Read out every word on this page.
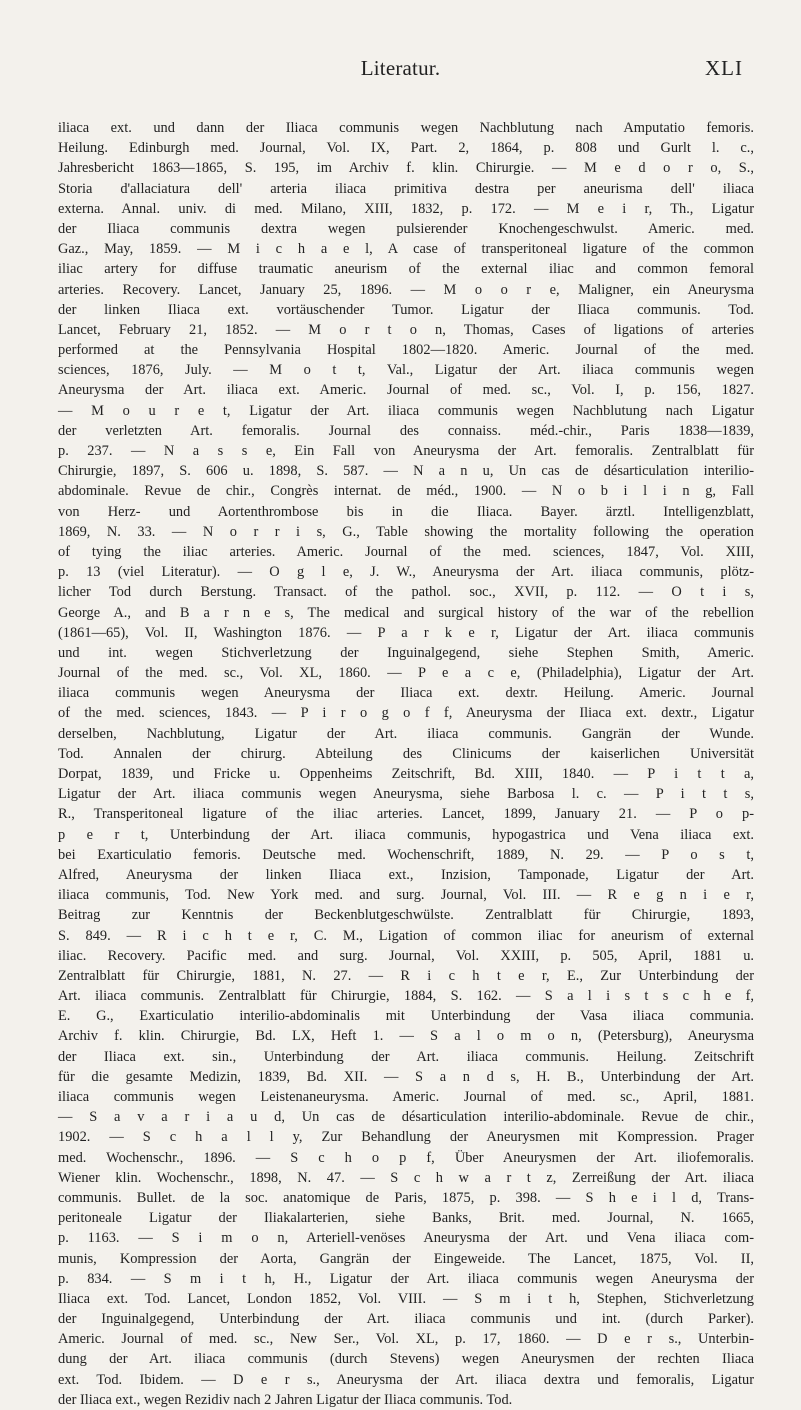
Literatur.	XLI
iliaca ext. und dann der Iliaca communis wegen Nachblutung nach Amputatio femoris.
Heilung. Edinburgh med. Journal, Vol. IX, Part. 2, 1864, p. 808 und Gurlt l. c.,
Jahresbericht 1863—1865, S. 195, im Archiv f. klin. Chirurgie. — M e d o r o, S.,
Storia d'allaciatura dell' arteria iliaca primitiva destra per aneurisma dell' iliaca
externa. Annal. univ. di med. Milano, XIII, 1832, p. 172. — M e i r, Th., Ligatur
der Iliaca communis dextra wegen pulsierender Knochengeschwulst. Americ. med.
Gaz., May, 1859. — M i c h a e l, A case of transperitoneal ligature of the common
iliac artery for diffuse traumatic aneurism of the external iliac and common femoral
arteries. Recovery. Lancet, January 25, 1896. — M o o r e, Maligner, ein Aneurysma
der linken Iliaca ext. vortäuschender Tumor. Ligatur der Iliaca communis. Tod.
Lancet, February 21, 1852. — M o r t o n, Thomas, Cases of ligations of arteries
performed at the Pennsylvania Hospital 1802—1820. Americ. Journal of the med.
sciences, 1876, July. — M o t t, Val., Ligatur der Art. iliaca communis wegen
Aneurysma der Art. iliaca ext. Americ. Journal of med. sc., Vol. I, p. 156, 1827.
— M o u r e t, Ligatur der Art. iliaca communis wegen Nachblutung nach Ligatur
der verletzten Art. femoralis. Journal des connaiss. méd.-chir., Paris 1838—1839,
p. 237. — N a s s e, Ein Fall von Aneurysma der Art. femoralis. Zentralblatt für
Chirurgie, 1897, S. 606 u. 1898, S. 587. — N a n u, Un cas de désarticulation interilio-
abdominale. Revue de chir., Congrès internat. de méd., 1900. — N o b i l i n g, Fall
von Herz- und Aortenthrombose bis in die Iliaca. Bayer. ärztl. Intelligenzblatt,
1869, N. 33. — N o r r i s, G., Table showing the mortality following the operation
of tying the iliac arteries. Americ. Journal of the med. sciences, 1847, Vol. XIII,
p. 13 (viel Literatur). — O g l e, J. W., Aneurysma der Art. iliaca communis, plötz-
licher Tod durch Berstung. Transact. of the pathol. soc., XVII, p. 112. — O t i s,
George A., and B a r n e s, The medical and surgical history of the war of the rebellion
(1861—65), Vol. II, Washington 1876. — P a r k e r, Ligatur der Art. iliaca communis
und int. wegen Stichverletzung der Inguinalgegend, siehe Stephen Smith, Americ.
Journal of the med. sc., Vol. XL, 1860. — P e a c e, (Philadelphia), Ligatur der Art.
iliaca communis wegen Aneurysma der Iliaca ext. dextr. Heilung. Americ. Journal
of the med. sciences, 1843. — P i r o g o f f, Aneurysma der Iliaca ext. dextr., Ligatur
derselben, Nachblutung, Ligatur der Art. iliaca communis. Gangrän der Wunde.
Tod. Annalen der chirurg. Abteilung des Clinicums der kaiserlichen Universität
Dorpat, 1839, und Fricke u. Oppenheims Zeitschrift, Bd. XIII, 1840. — P i t t a,
Ligatur der Art. iliaca communis wegen Aneurysma, siehe Barbosa l. c. — P i t t s,
R., Transperitoneal ligature of the iliac arteries. Lancet, 1899, January 21. — P o p-
p e r t, Unterbindung der Art. iliaca communis, hypogastrica und Vena iliaca ext.
bei Exarticulatio femoris. Deutsche med. Wochenschrift, 1889, N. 29. — P o s t,
Alfred, Aneurysma der linken Iliaca ext., Inzision, Tamponade, Ligatur der Art.
iliaca communis, Tod. New York med. and surg. Journal, Vol. III. — R e g n i e r,
Beitrag zur Kenntnis der Beckenblutgeschwülste. Zentralblatt für Chirurgie, 1893,
S. 849. — R i c h t e r, C. M., Ligation of common iliac for aneurism of external
iliac. Recovery. Pacific med. and surg. Journal, Vol. XXIII, p. 505, April, 1881 u.
Zentralblatt für Chirurgie, 1881, N. 27. — R i c h t e r, E., Zur Unterbindung der
Art. iliaca communis. Zentralblatt für Chirurgie, 1884, S. 162. — S a l i s t s c h e f,
E. G., Exarticulatio interilio-abdominalis mit Unterbindung der Vasa iliaca communia.
Archiv f. klin. Chirurgie, Bd. LX, Heft 1. — S a l o m o n, (Petersburg), Aneurysma
der Iliaca ext. sin., Unterbindung der Art. iliaca communis. Heilung. Zeitschrift
für die gesamte Medizin, 1839, Bd. XII. — S a n d s, H. B., Unterbindung der Art.
iliaca communis wegen Leistenaneurysma. Americ. Journal of med. sc., April, 1881.
— S a v a r i a u d, Un cas de désarticulation interilio-abdominale. Revue de chir.,
1902. — S c h a l l y, Zur Behandlung der Aneurysmen mit Kompression. Prager
med. Wochenschr., 1896. — S c h o p f, Über Aneurysmen der Art. iliofemoralis.
Wiener klin. Wochenschr., 1898, N. 47. — S c h w a r t z, Zerreißung der Art. iliaca
communis. Bullet. de la soc. anatomique de Paris, 1875, p. 398. — S h e i l d, Trans-
peritoneale Ligatur der Iliakalarterien, siehe Banks, Brit. med. Journal, N. 1665,
p. 1163. — S i m o n, Arteriell-venöses Aneurysma der Art. und Vena iliaca com-
munis, Kompression der Aorta, Gangrän der Eingeweide. The Lancet, 1875, Vol. II,
p. 834. — S m i t h, H., Ligatur der Art. iliaca communis wegen Aneurysma der
Iliaca ext. Tod. Lancet, London 1852, Vol. VIII. — S m i t h, Stephen, Stichverletzung
der Inguinalgegend, Unterbindung der Art. iliaca communis und int. (durch Parker).
Americ. Journal of med. sc., New Ser., Vol. XL, p. 17, 1860. — D e r s., Unterbin-
dung der Art. iliaca communis (durch Stevens) wegen Aneurysmen der rechten Iliaca
ext. Tod. Ibidem. — D e r s., Aneurysma der Art. iliaca dextra und femoralis, Ligatur
der Iliaca ext., wegen Rezidiv nach 2 Jahren Ligatur der Iliaca communis. Tod.
